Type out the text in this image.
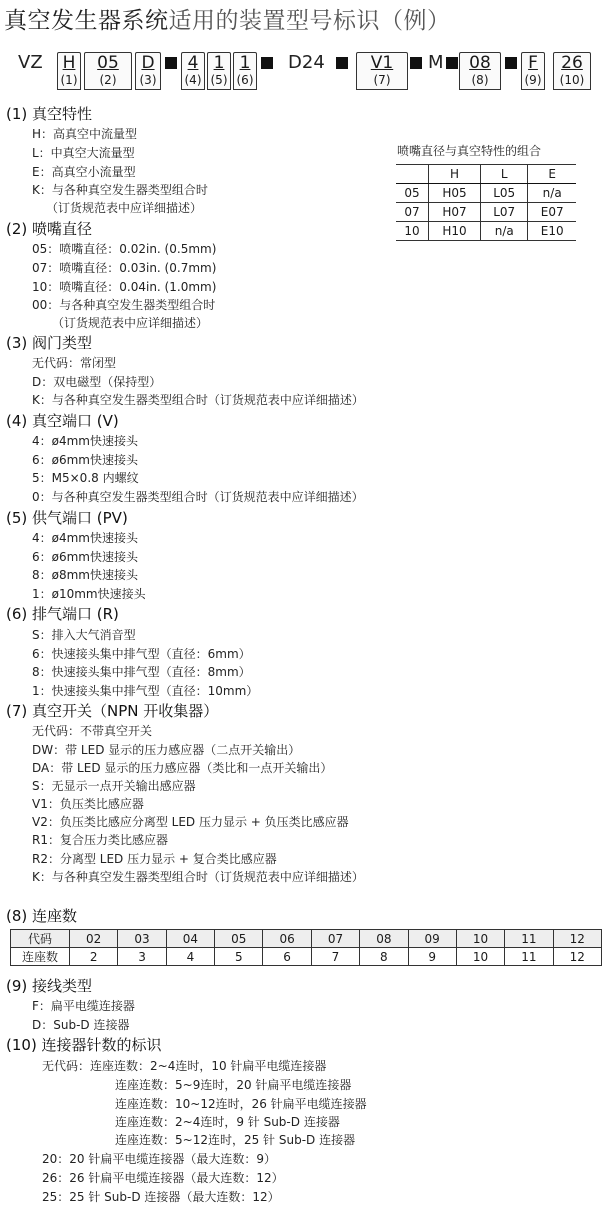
真空发生器系统适用的装置型号标识（例）
VZ	H
(1)
05
(2)
D
(3)
4
(4)
1
(5)
1
(6)
D24	V1
(7)
M	08
(8)
F
(9)
26
(10)
(1) 真空特性
H：高真空中流量型
L：中真空大流量型
E：高真空小流量型
K：与各种真空发生器类型组合时
（订货规范表中应详细描述）
喷嘴直径与真空特性的组合
	H	L	E
05	H05	L05	n/a
07	H07	L07	E07
10	H10	n/a	E10
(2) 喷嘴直径
05：喷嘴直径：0.02in. (0.5mm)
07：喷嘴直径：0.03in. (0.7mm)
10：喷嘴直径：0.04in. (1.0mm)
00：与各种真空发生器类型组合时
（订货规范表中应详细描述）
(3) 阀门类型
无代码：常闭型
D：双电磁型（保持型）
K：与各种真空发生器类型组合时（订货规范表中应详细描述）
(4) 真空端口 (V)
4：ø4mm快速接头
6：ø6mm快速接头
5：M5×0.8 内螺纹
0：与各种真空发生器类型组合时（订货规范表中应详细描述）
(5) 供气端口 (PV)
4：ø4mm快速接头
6：ø6mm快速接头
8：ø8mm快速接头
1：ø10mm快速接头
(6) 排气端口 (R)
S：排入大气消音型
6：快速接头集中排气型（直径：6mm）
8：快速接头集中排气型（直径：8mm）
1：快速接头集中排气型（直径：10mm）
(7) 真空开关（NPN 开收集器）
无代码：不带真空开关
DW：带 LED 显示的压力感应器（二点开关输出）
DA：带 LED 显示的压力感应器（类比和一点开关输出）
S：无显示一点开关输出感应器
V1：负压类比感应器
V2：负压类比感应分离型 LED 压力显示 + 负压类比感应器
R1：复合压力类比感应器
R2：分离型 LED 压力显示 + 复合类比感应器
K：与各种真空发生器类型组合时（订货规范表中应详细描述）
(8) 连座数
代码	02	03	04	05	06	07	08	09	10	11	12
连座数	2	3	4	5	6	7	8	9	10	11	12
(9) 接线类型
F：扁平电缆连接器
D：Sub-D 连接器
(10) 连接器针数的标识
无代码：连座连数：2~4连时，10 针扁平电缆连接器
连座连数：5~9连时，20 针扁平电缆连接器
连座连数：10~12连时，26 针扁平电缆连接器
连座连数：2~4连时，9 针 Sub-D 连接器
连座连数：5~12连时，25 针 Sub-D 连接器
20：20 针扁平电缆连接器（最大连数：9）
26：26 针扁平电缆连接器（最大连数：12）
25：25 针 Sub-D 连接器（最大连数：12）
